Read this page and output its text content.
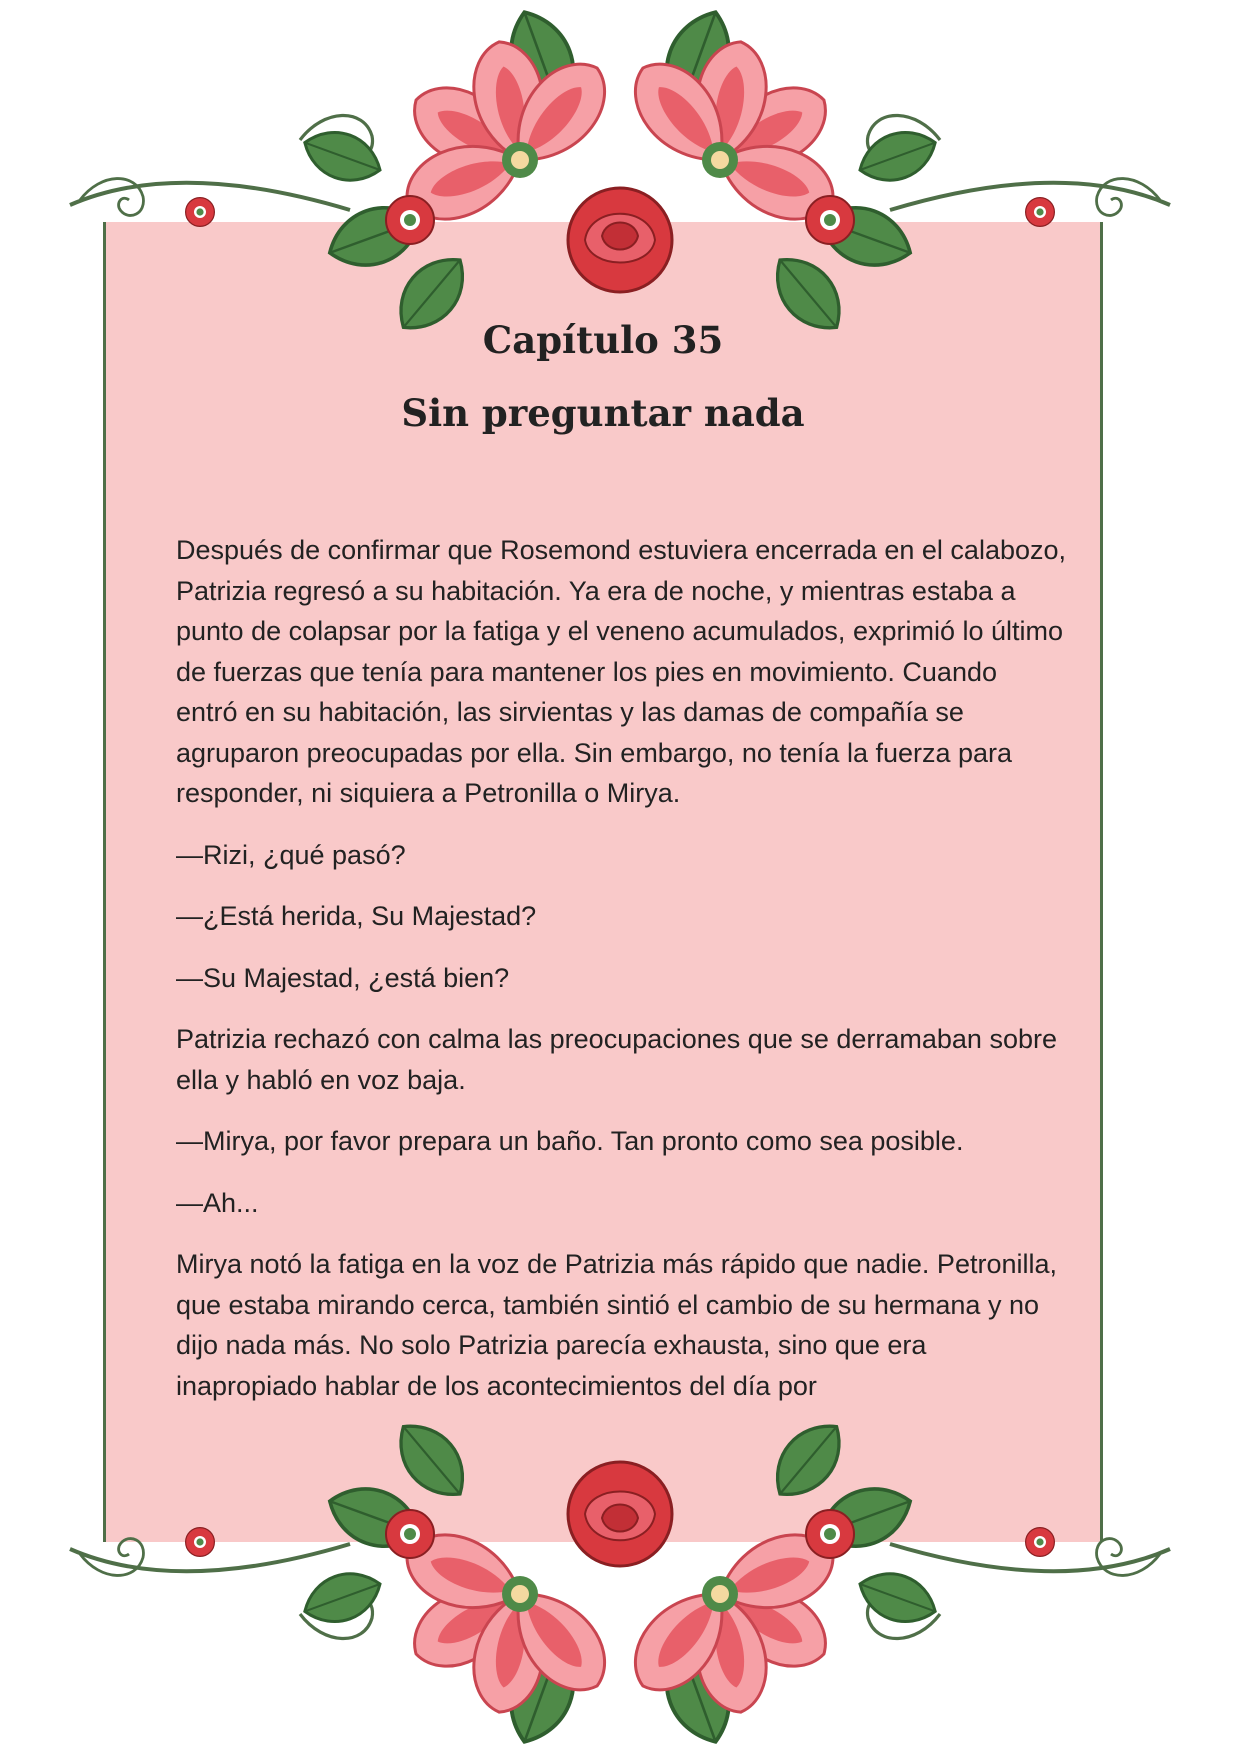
Capítulo 35
Sin preguntar nada

Después de confirmar que Rosemond estuviera encerrada en el calabozo, Patrizia regresó a su habitación. Ya era de noche, y mientras estaba a punto de colapsar por la fatiga y el veneno acumulados, exprimió lo último de fuerzas que tenía para mantener los pies en movimiento. Cuando entró en su habitación, las sirvientas y las damas de compañía se agruparon preocupadas por ella. Sin embargo, no tenía la fuerza para responder, ni siquiera a Petronilla o Mirya.

—Rizi, ¿qué pasó?

—¿Está herida, Su Majestad?

—Su Majestad, ¿está bien?

Patrizia rechazó con calma las preocupaciones que se derramaban sobre ella y habló en voz baja.

—Mirya, por favor prepara un baño. Tan pronto como sea posible.

—Ah...

Mirya notó la fatiga en la voz de Patrizia más rápido que nadie. Petronilla, que estaba mirando cerca, también sintió el cambio de su hermana y no dijo nada más. No solo Patrizia parecía exhausta, sino que era inapropiado hablar de los acontecimientos del día por
